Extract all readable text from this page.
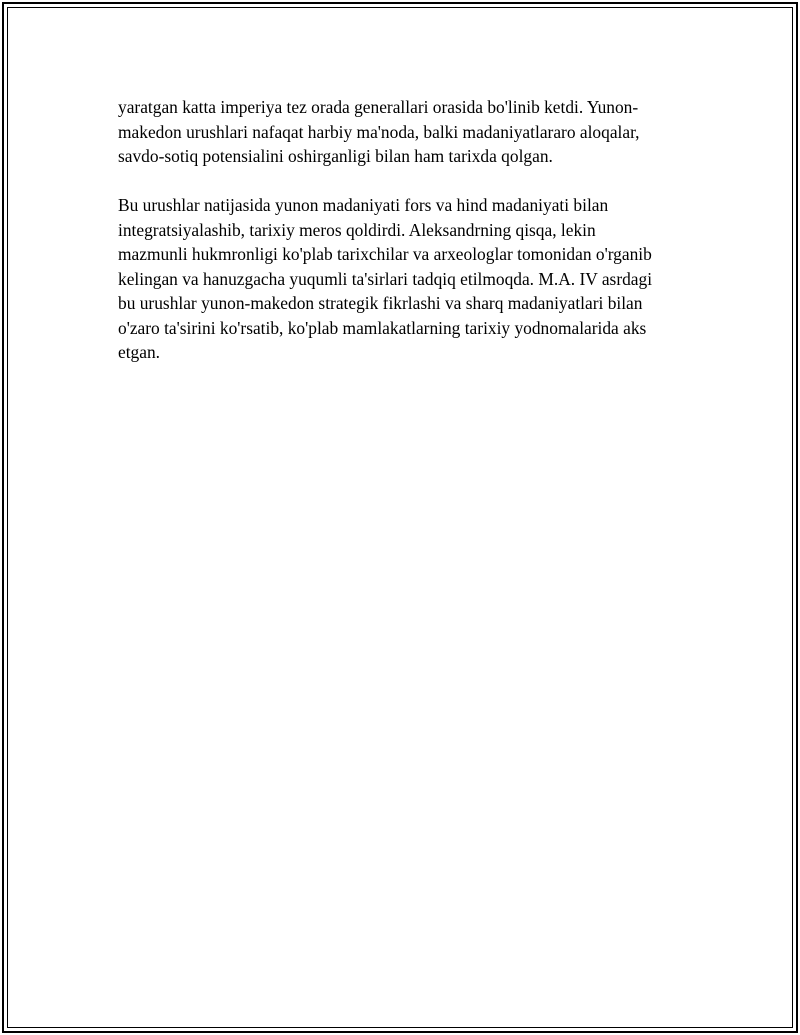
yaratgan katta imperiya tez orada generallari orasida bo'linib ketdi. Yunon-
makedon urushlari nafaqat harbiy ma'noda, balki madaniyatlararo aloqalar,
savdo-sotiq potensialini oshirganligi bilan ham tarixda qolgan.

Bu urushlar natijasida yunon madaniyati fors va hind madaniyati bilan
integratsiyalashib, tarixiy meros qoldirdi. Aleksandrning qisqa, lekin
mazmunli hukmronligi ko'plab tarixchilar va arxeologlar tomonidan o'rganib
kelingan va hanuzgacha yuqumli ta'sirlari tadqiq etilmoqda. M.A. IV asrdagi
bu urushlar yunon-makedon strategik fikrlashi va sharq madaniyatlari bilan
o'zaro ta'sirini ko'rsatib, ko'plab mamlakatlarning tarixiy yodnomalarida aks
etgan.
